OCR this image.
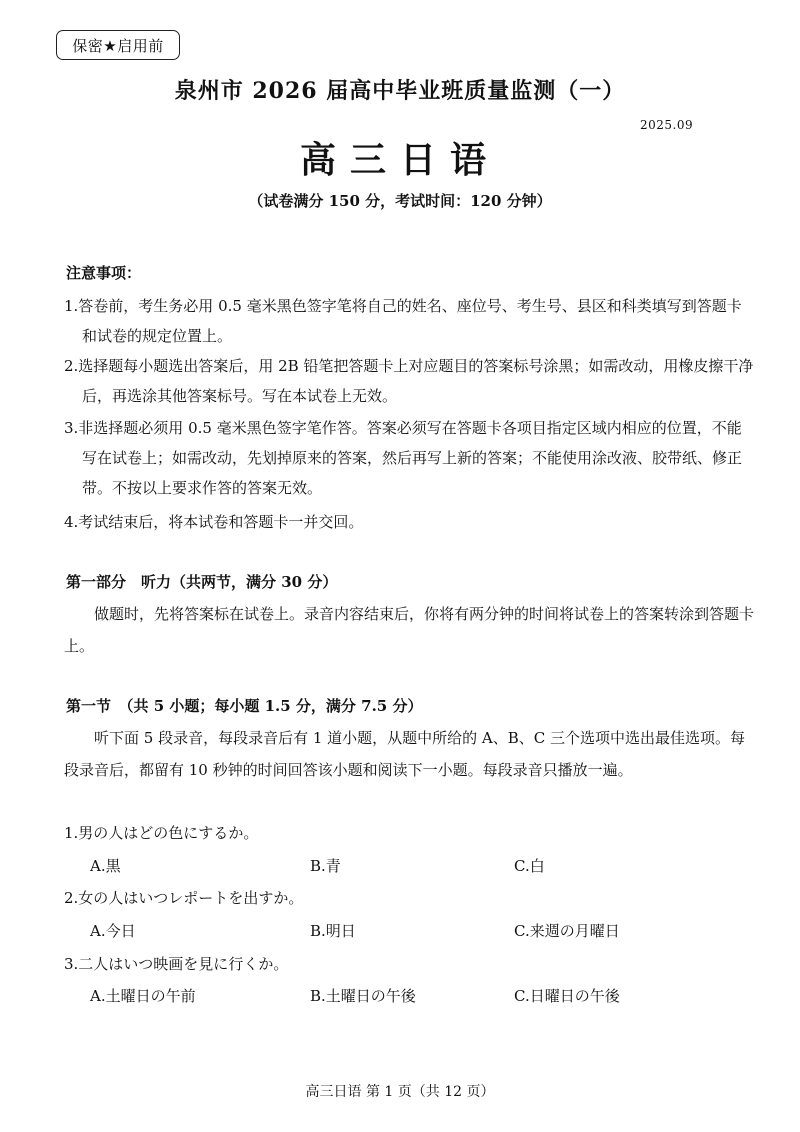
保密★启用前
泉州市 2026 届高中毕业班质量监测（一）
2025.09
高三日语
（试卷满分 150 分，考试时间：120 分钟）
注意事项：
1.答卷前，考生务必用 0.5 毫米黑色签字笔将自己的姓名、座位号、考生号、县区和科类填写到答题卡和试卷的规定位置上。
2.选择题每小题选出答案后，用 2B 铅笔把答题卡上对应题目的答案标号涂黑；如需改动，用橡皮擦干净后，再选涂其他答案标号。写在本试卷上无效。
3.非选择题必须用 0.5 毫米黑色签字笔作答。答案必须写在答题卡各项目指定区域内相应的位置，不能写在试卷上；如需改动，先划掉原来的答案，然后再写上新的答案；不能使用涂改液、胶带纸、修正带。不按以上要求作答的答案无效。
4.考试结束后，将本试卷和答题卡一并交回。
第一部分　听力（共两节，满分 30 分）
做题时，先将答案标在试卷上。录音内容结束后，你将有两分钟的时间将试卷上的答案转涂到答题卡上。
第一节　（共 5 小题；每小题 1.5 分，满分 7.5 分）
听下面 5 段录音，每段录音后有 1 道小题，从题中所给的 A、B、C 三个选项中选出最佳选项。每段录音后，都留有 10 秒钟的时间回答该小题和阅读下一小题。每段录音只播放一遍。
1.男の人はどの色にするか。
A.黒	B.青	C.白
2.女の人はいつレポートを出すか。
A.今日	B.明日	C.来週の月曜日
3.二人はいつ映画を見に行くか。
A.土曜日の午前	B.土曜日の午後	C.日曜日の午後
高三日语 第 1 页（共 12 页）
